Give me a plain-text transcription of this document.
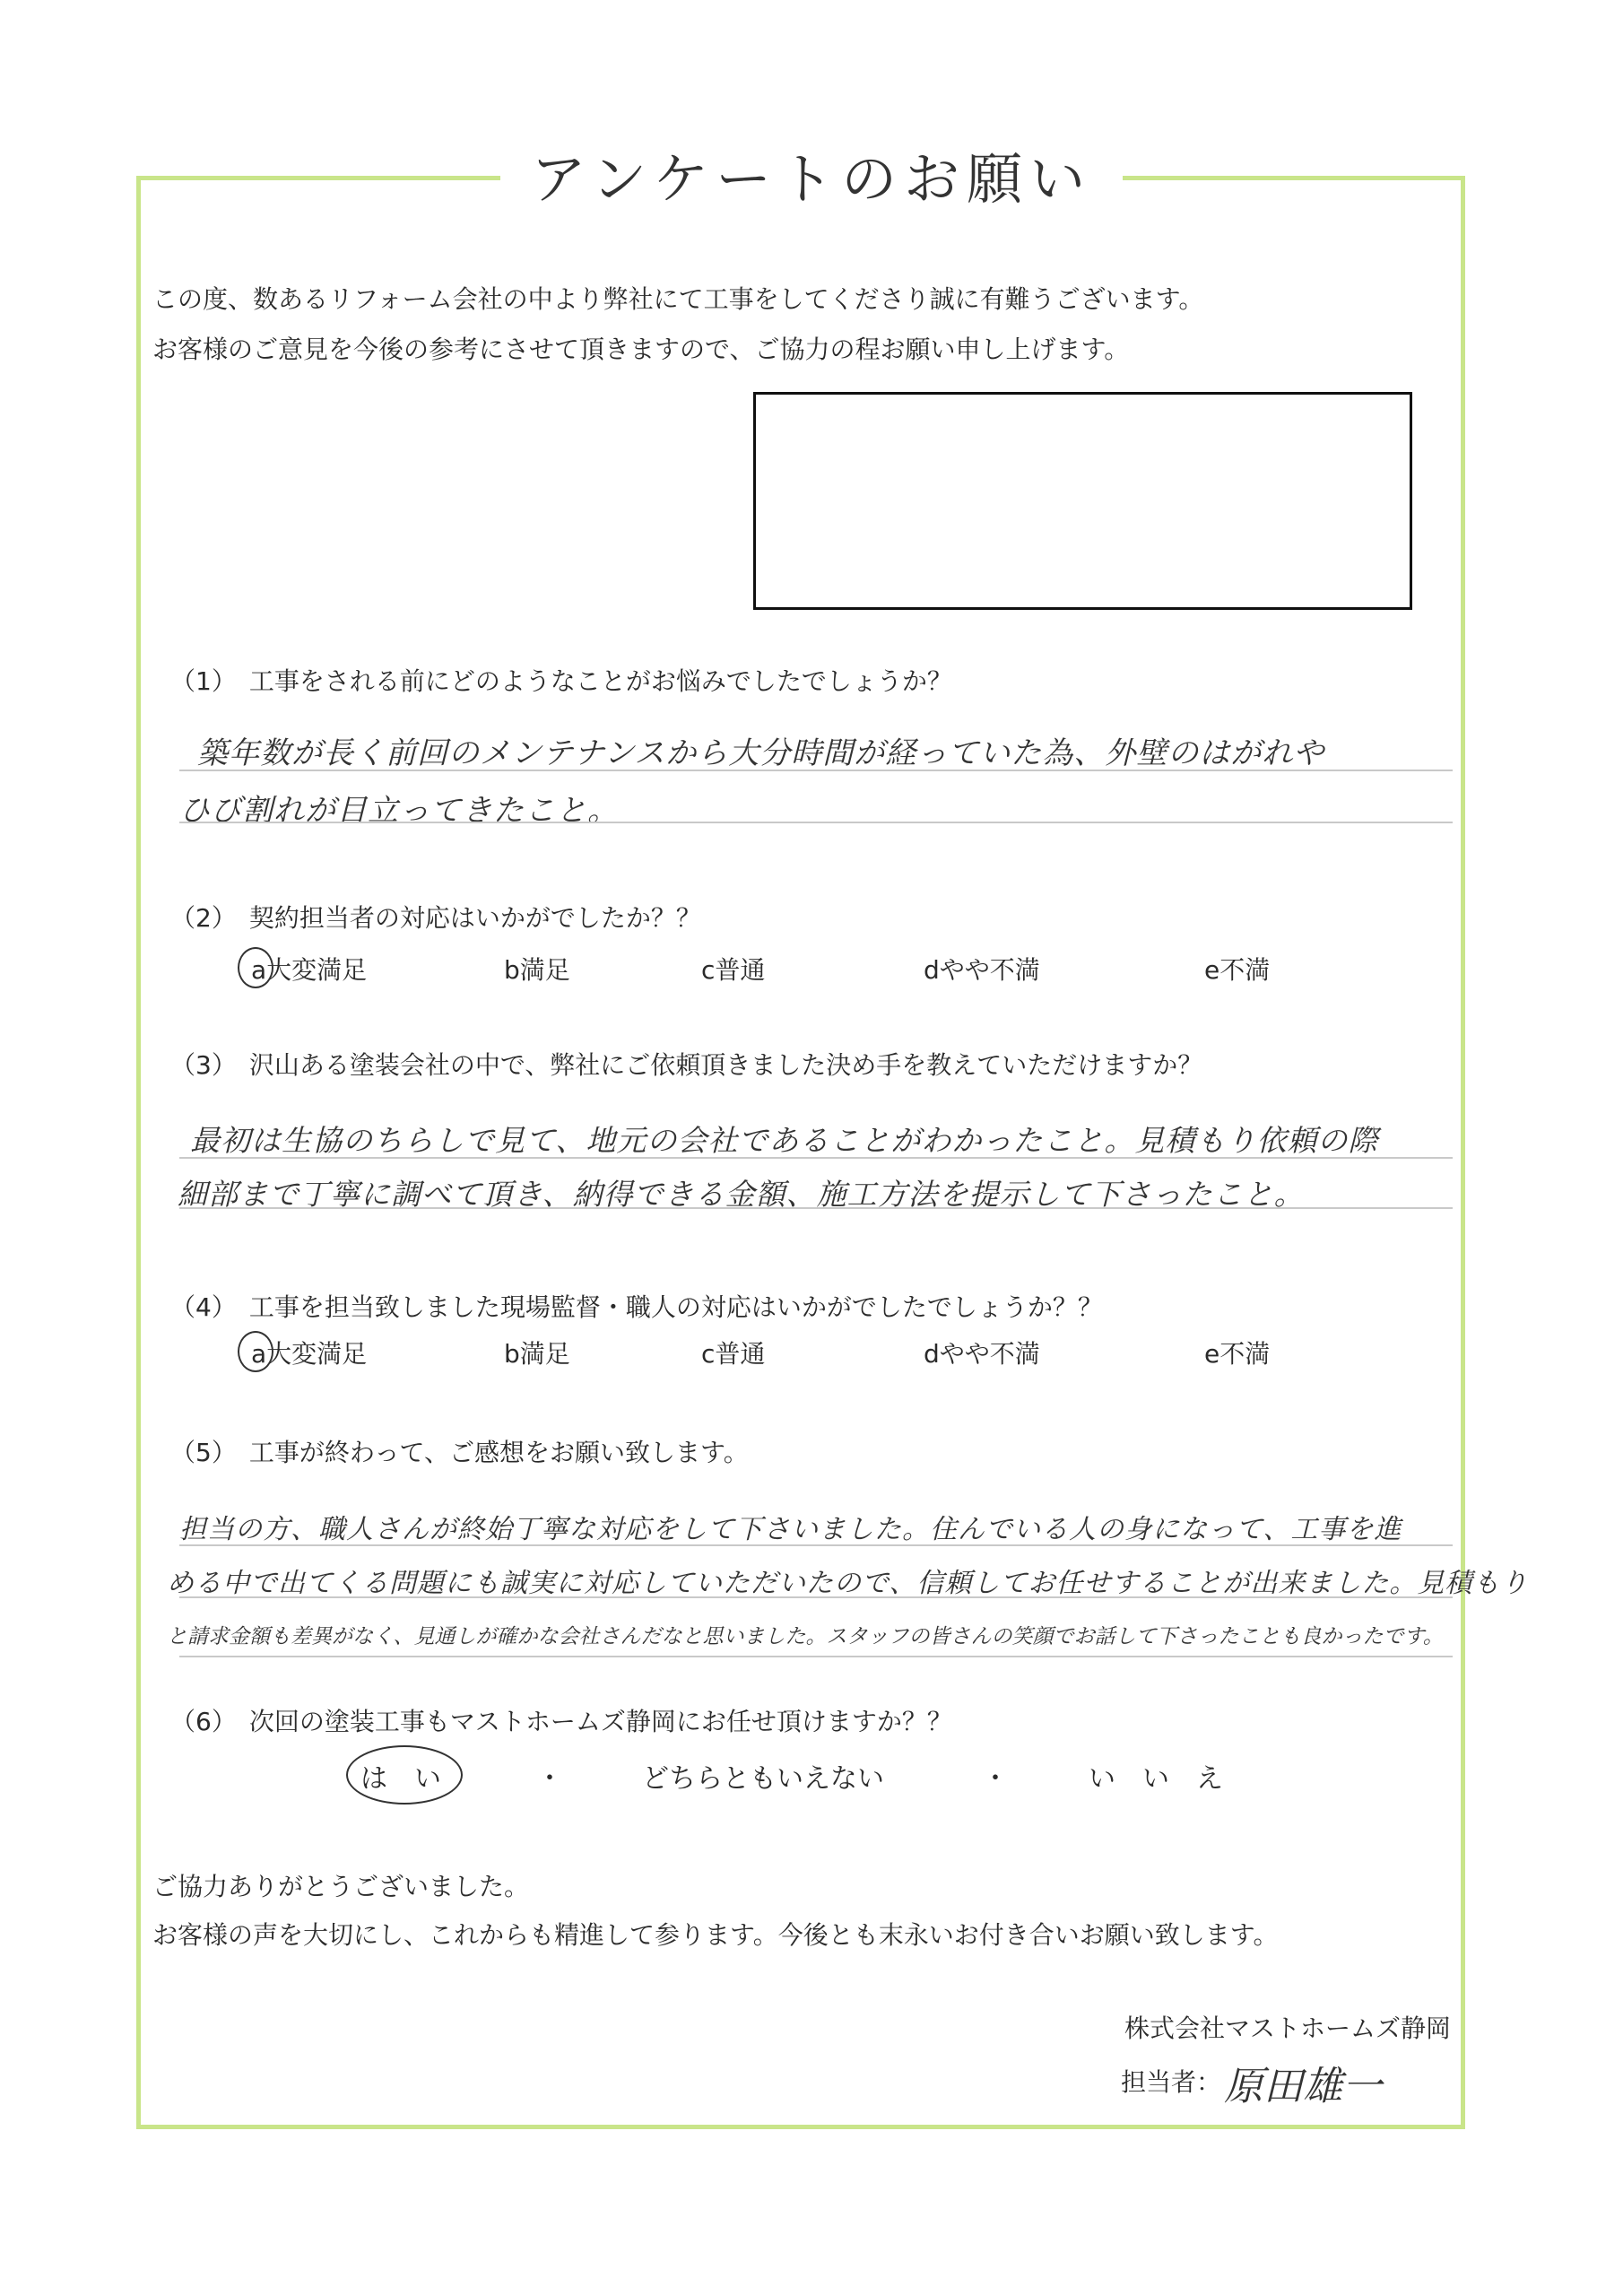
アンケートのお願い
この度、数あるリフォーム会社の中より弊社にて工事をしてくださり誠に有難うございます。
お客様のご意見を今後の参考にさせて頂きますので、ご協力の程お願い申し上げます。
（1）　工事をされる前にどのようなことがお悩みでしたでしょうか？
築年数が長く前回のメンテナンスから大分時間が経っていた為、外壁のはがれや
ひび割れが目立ってきたこと。
（2）　契約担当者の対応はいかがでしたか？？
a大変満足	b満足	c普通	dやや不満	e不満
（3）　沢山ある塗装会社の中で、弊社にご依頼頂きました決め手を教えていただけますか？
最初は生協のちらしで見て、地元の会社であることがわかったこと。見積もり依頼の際
細部まで丁寧に調べて頂き、納得できる金額、施工方法を提示して下さったこと。
（4）　工事を担当致しました現場監督・職人の対応はいかがでしたでしょうか？？
a大変満足	b満足	c普通	dやや不満	e不満
（5）　工事が終わって、ご感想をお願い致します。
担当の方、職人さんが終始丁寧な対応をして下さいました。住んでいる人の身になって、工事を進
める中で出てくる問題にも誠実に対応していただいたので、信頼してお任せすることが出来ました。見積もり
と請求金額も差異がなく、見通しが確かな会社さんだなと思いました。スタッフの皆さんの笑顔でお話して下さったことも良かったです。
（6）　次回の塗装工事もマストホームズ静岡にお任せ頂けますか？？
は　い	・	どちらともいえない	・	い　い　え
ご協力ありがとうございました。
お客様の声を大切にし、これからも精進して参ります。今後とも末永いお付き合いお願い致します。
株式会社マストホームズ静岡
担当者： 原田雄一
